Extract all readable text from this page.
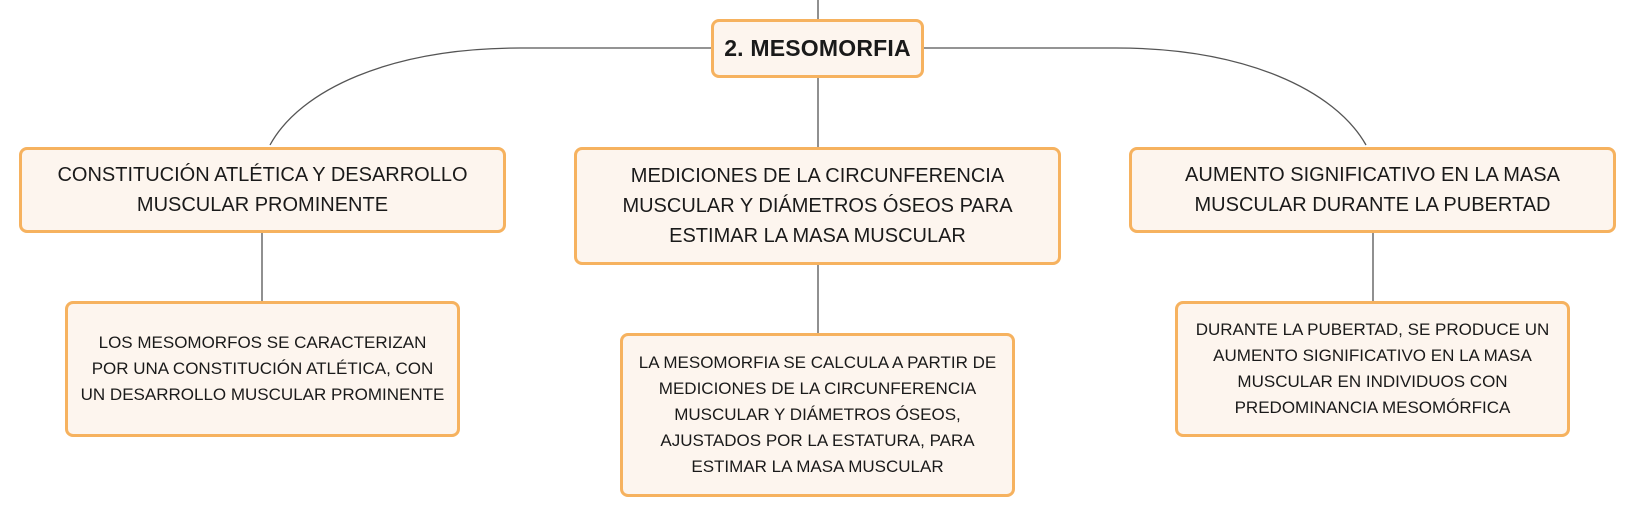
2. MESOMORFIA
CONSTITUCIÓN ATLÉTICA Y DESARROLLO MUSCULAR PROMINENTE
MEDICIONES DE LA CIRCUNFERENCIA MUSCULAR Y DIÁMETROS ÓSEOS PARA ESTIMAR LA MASA MUSCULAR
AUMENTO SIGNIFICATIVO EN LA MASA MUSCULAR DURANTE LA PUBERTAD
LOS MESOMORFOS SE CARACTERIZAN POR UNA CONSTITUCIÓN ATLÉTICA, CON UN DESARROLLO MUSCULAR PROMINENTE
LA MESOMORFIA SE CALCULA A PARTIR DE MEDICIONES DE LA CIRCUNFERENCIA MUSCULAR Y DIÁMETROS ÓSEOS, AJUSTADOS POR LA ESTATURA, PARA ESTIMAR LA MASA MUSCULAR
DURANTE LA PUBERTAD, SE PRODUCE UN AUMENTO SIGNIFICATIVO EN LA MASA MUSCULAR EN INDIVIDUOS CON PREDOMINANCIA MESOMÓRFICA
